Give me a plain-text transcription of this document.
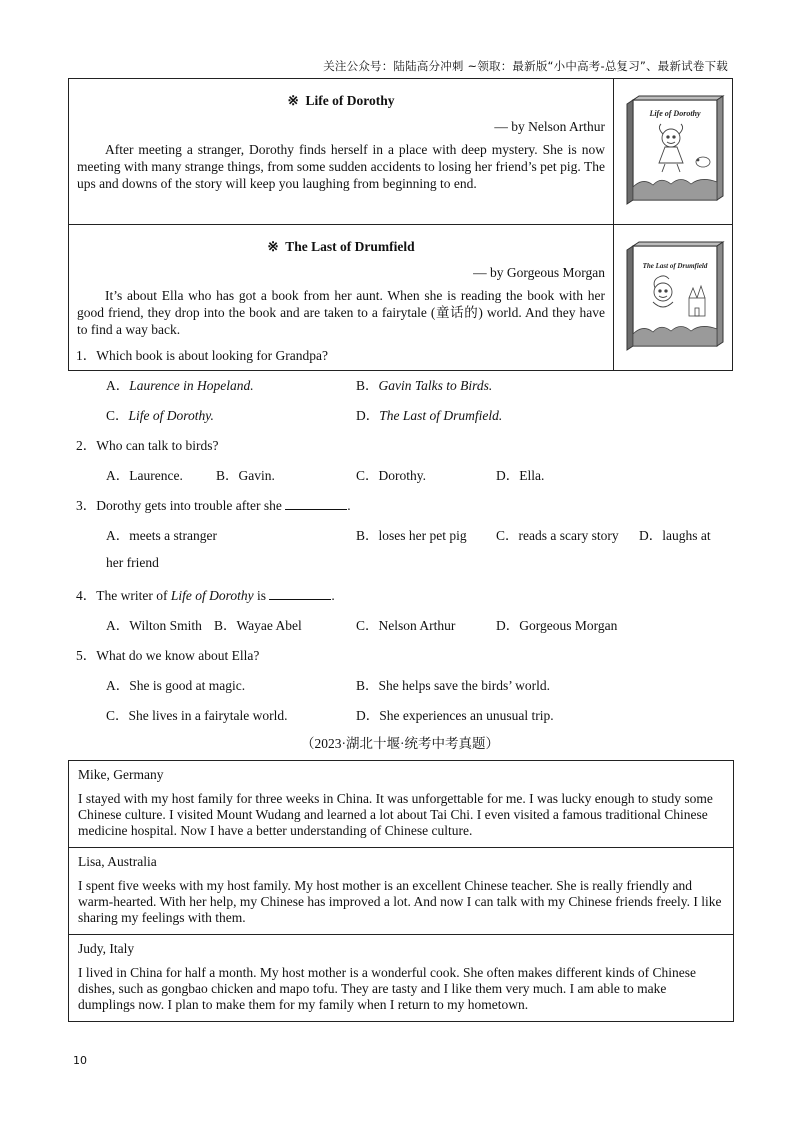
关注公众号：陆陆高分冲刺 ~领取：最新版“小中高考-总复习”、最新试卷下载
※ Life of Dorothy
— by Nelson Arthur

After meeting a stranger, Dorothy finds herself in a place with deep mystery. She is now meeting with many strange things, from some sudden accidents to losing her friend’s pet pig. The ups and downs of the story will keep you laughing from beginning to end.	Life of Dorothy

※ The Last of Drumfield
— by Gorgeous Morgan

It’s about Ella who has got a book from her aunt. When she is reading the book with her good friend, they drop into the book and are taken to a fairytale (童话的) world. And they have to find a way back.	The Last of Drumfield
1．Which book is about looking for Grandpa?
A．Laurence in Hopeland.	B．Gavin Talks to Birds.
C．Life of Dorothy.	D．The Last of Drumfield.
2．Who can talk to birds?
A．Laurence. B．Gavin.	C．Dorothy.	D．Ella.
3．Dorothy gets into trouble after she	.
A．meets a stranger	B．loses her pet pig C．reads a scary story D．laughs at
her friend
4．The writer of Life of Dorothy is	.
A．Wilton Smith B．Wayae Abel	C．Nelson Arthur	D．Gorgeous Morgan
5．What do we know about Ella?
A．She is good at magic.	B．She helps save the birds’ world.
C．She lives in a fairytale world.	D．She experiences an unusual trip.
（2023·湖北十堰·统考中考真题）

Mike, Germany

I stayed with my host family for three weeks in China. It was unforgettable for me. I was lucky enough to study some Chinese culture. I visited Mount Wudang and learned a lot about Tai Chi. I even visited a famous traditional Chinese medicine hospital. Now I have a better understanding of Chinese culture.

Lisa, Australia

I spent five weeks with my host family. My host mother is an excellent Chinese teacher. She is really friendly and warm-hearted. With her help, my Chinese has improved a lot. And now I can talk with my Chinese friends freely. I like sharing my feelings with them.

Judy, Italy

I lived in China for half a month. My host mother is a wonderful cook. She often makes different kinds of Chinese dishes, such as gongbao chicken and mapo tofu. They are tasty and I like them very much. I am able to make dumplings now. I plan to make them for my family when I return to my hometown.

10
